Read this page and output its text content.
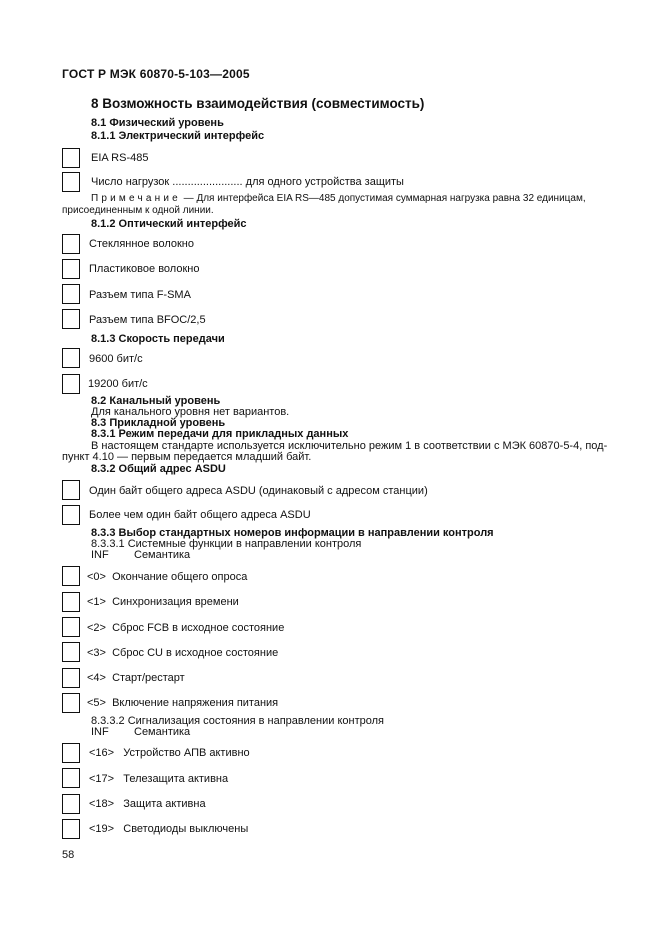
ГОСТ Р МЭК 60870-5-103—2005
8 Возможность взаимодействия (совместимость)
8.1 Физический уровень
8.1.1 Электрический интерфейс
EIA RS-485
Число нагрузок ....................... для одного устройства защиты
Примечание — Для интерфейса EIA RS—485 допустимая суммарная нагрузка равна 32 единицам,
присоединенным к одной линии.
8.1.2 Оптический интерфейс
Стеклянное волокно
Пластиковое волокно
Разъем типа F-SMA
Разъем типа BFOC/2,5
8.1.3 Скорость передачи
9600 бит/с
19200 бит/с
8.2 Канальный уровень
Для канального уровня нет вариантов.
8.3 Прикладной уровень
8.3.1 Режим передачи для прикладных данных
В настоящем стандарте используется исключительно режим 1 в соответствии с МЭК 60870-5-4, под-
пункт 4.10 — первым передается младший байт.
8.3.2 Общий адрес ASDU
Один байт общего адреса ASDU (одинаковый с адресом станции)
Более чем один байт общего адреса ASDU
8.3.3 Выбор стандартных номеров информации в направлении контроля
8.3.3.1 Системные функции в направлении контроля
INF Семантика
<0>  Окончание общего опроса
<1>  Синхронизация времени
<2>  Сброс FCB в исходное состояние
<3>  Сброс CU в исходное состояние
<4>  Старт/рестарт
<5>  Включение напряжения питания
8.3.3.2 Сигнализация состояния в направлении контроля
INF Семантика
<16>   Устройство АПВ активно
<17>   Телезащита активна
<18>   Защита активна
<19>   Светодиоды выключены
58
